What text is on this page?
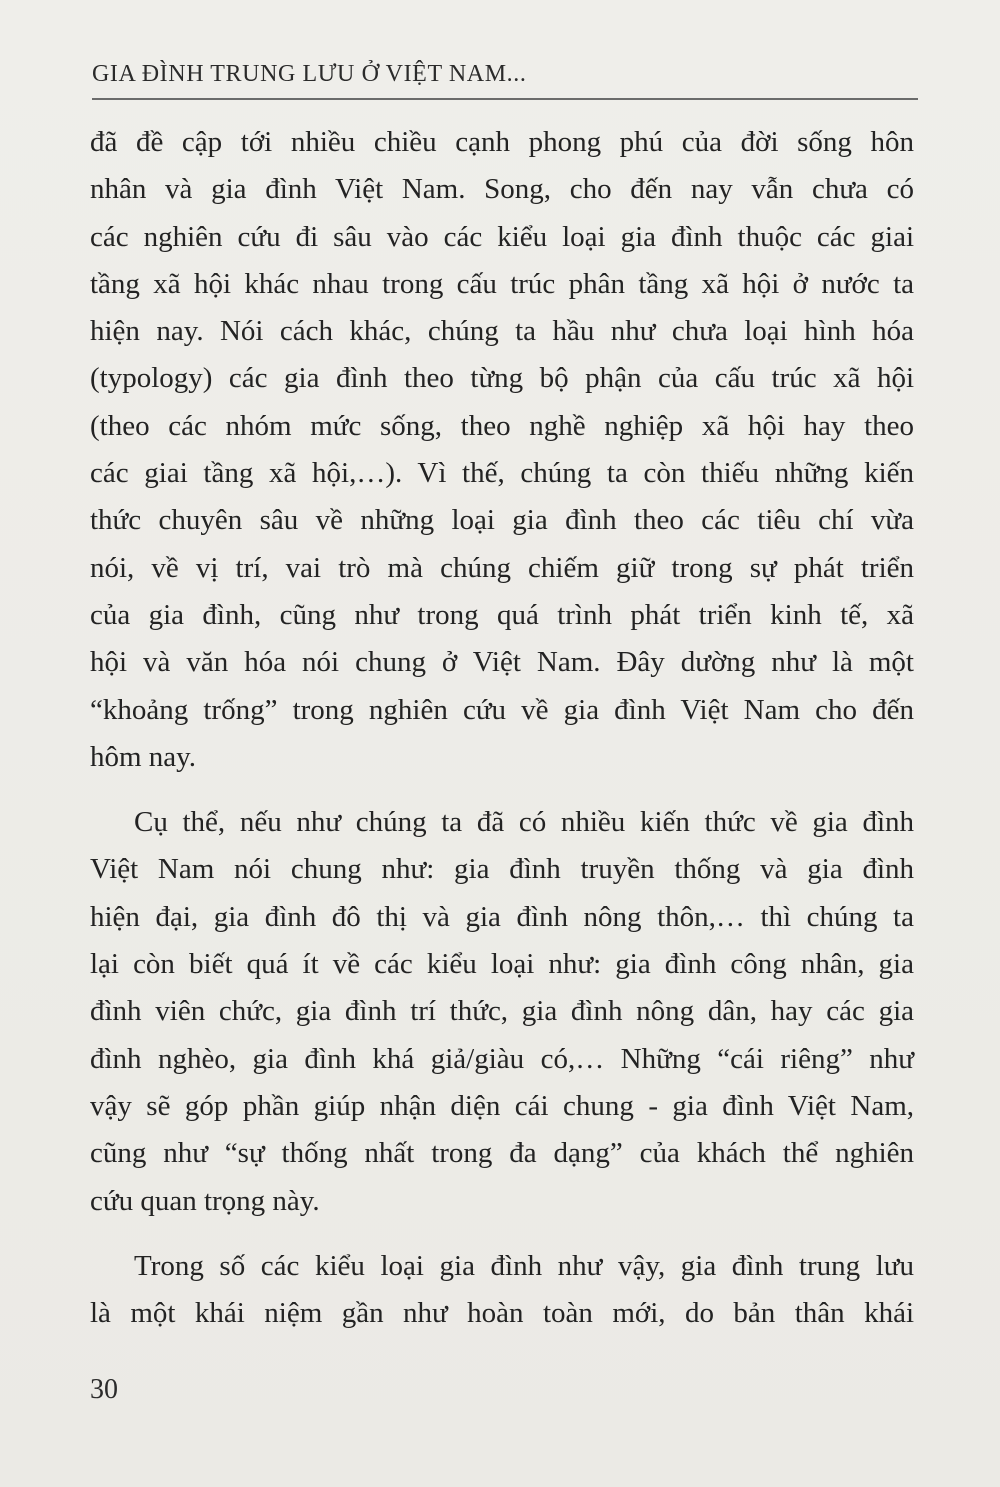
GIA ĐÌNH TRUNG LƯU Ở VIỆT NAM...

đã đề cập tới nhiều chiều cạnh phong phú của đời sống hôn
nhân và gia đình Việt Nam. Song, cho đến nay vẫn chưa có
các nghiên cứu đi sâu vào các kiểu loại gia đình thuộc các giai
tầng xã hội khác nhau trong cấu trúc phân tầng xã hội ở nước ta
hiện nay. Nói cách khác, chúng ta hầu như chưa loại hình hóa
(typology) các gia đình theo từng bộ phận của cấu trúc xã hội
(theo các nhóm mức sống, theo nghề nghiệp xã hội hay theo
các giai tầng xã hội,…). Vì thế, chúng ta còn thiếu những kiến
thức chuyên sâu về những loại gia đình theo các tiêu chí vừa
nói, về vị trí, vai trò mà chúng chiếm giữ trong sự phát triển
của gia đình, cũng như trong quá trình phát triển kinh tế, xã
hội và văn hóa nói chung ở Việt Nam. Đây dường như là một
“khoảng trống” trong nghiên cứu về gia đình Việt Nam cho đến
hôm nay.

Cụ thể, nếu như chúng ta đã có nhiều kiến thức về gia đình
Việt Nam nói chung như: gia đình truyền thống và gia đình
hiện đại, gia đình đô thị và gia đình nông thôn,… thì chúng ta
lại còn biết quá ít về các kiểu loại như: gia đình công nhân, gia
đình viên chức, gia đình trí thức, gia đình nông dân, hay các gia
đình nghèo, gia đình khá giả/giàu có,… Những “cái riêng” như
vậy sẽ góp phần giúp nhận diện cái chung - gia đình Việt Nam,
cũng như “sự thống nhất trong đa dạng” của khách thể nghiên
cứu quan trọng này.

Trong số các kiểu loại gia đình như vậy, gia đình trung lưu
là một khái niệm gần như hoàn toàn mới, do bản thân khái

30
